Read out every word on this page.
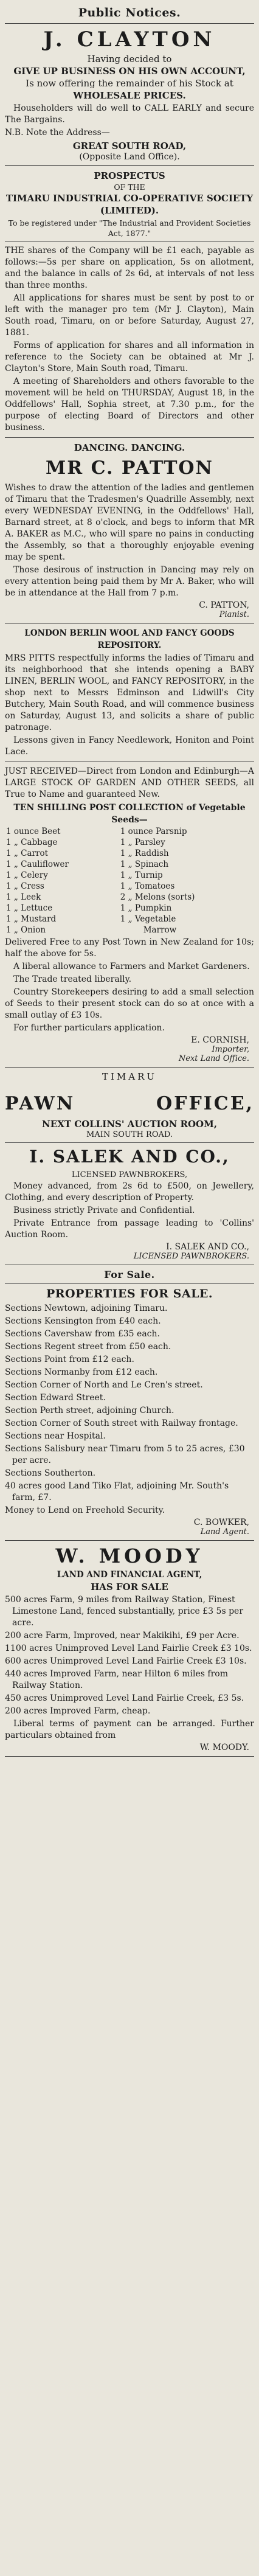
Public Notices.
J. CLAYTON
Having decided to
GIVE UP BUSINESS ON HIS OWN ACCOUNT,
Is now offering the remainder of his Stock at
WHOLESALE PRICES.

Householders will do well to CALL EARLY and secure The Bargains.

N.B. Note the Address—

GREAT SOUTH ROAD,
(Opposite Land Office).
PROSPECTUS
OF THE
TIMARU INDUSTRIAL CO-OPERATIVE SOCIETY (LIMITED).

To be registered under "The Industrial and Provident Societies Act, 1877."

THE shares of the Company will be £1 each, payable as follows:—5s per share on application, 5s on allotment, and the balance in calls of 2s 6d, at intervals of not less than three months.

All applications for shares must be sent by post to or left with the manager pro tem (Mr J. Clayton), Main South road, Timaru, on or before Saturday, August 27, 1881.

Forms of application for shares and all information in reference to the Society can be obtained at Mr J. Clayton's Store, Main South road, Timaru.

A meeting of Shareholders and others favorable to the movement will be held on THURSDAY, August 18, in the Oddfellows' Hall, Sophia street, at 7.30 p.m., for the purpose of electing Board of Directors and other business.

DANCING. DANCING.
MR C. PATTON

Wishes to draw the attention of the ladies and gentlemen of Timaru that the Tradesmen's Quadrille Assembly, next every WEDNESDAY EVENING, in the Oddfellows' Hall, Barnard street, at 8 o'clock, and begs to inform that MR A. BAKER as M.C., who will spare no pains in conducting the Assembly, so that a thoroughly enjoyable evening may be spent.

Those desirous of instruction in Dancing may rely on every attention being paid them by Mr A. Baker, who will be in attendance at the Hall from 7 p.m.

C. PATTON,
Pianist.
LONDON BERLIN WOOL AND FANCY GOODS REPOSITORY.

MRS PITTS respectfully informs the ladies of Timaru and its neighborhood that she intends opening a BABY LINEN, BERLIN WOOL, and FANCY REPOSITORY, in the shop next to Messrs Edminson and Lidwill's City Butchery, Main South Road, and will commence business on Saturday, August 13, and solicits a share of public patronage.

Lessons given in Fancy Needlework, Honiton and Point Lace.

JUST RECEIVED—Direct from London and Edinburgh—A LARGE STOCK OF GARDEN AND OTHER SEEDS, all True to Name and guaranteed New.

TEN SHILLING POST COLLECTION of Vegetable Seeds—
1 ounce Beet	1 ounce Parsnip
1 „ Cabbage	1 „ Parsley
1 „ Carrot	1 „ Raddish
1 „ Cauliflower	1 „ Spinach
1 „ Celery	1 „ Turnip
1 „ Cress	1 „ Tomatoes
1 „ Leek	2 „ Melons (sorts)
1 „ Lettuce	1 „ Pumpkin
1 „ Mustard	1 „ Vegetable
1 „ Onion	Marrow

Delivered Free to any Post Town in New Zealand for 10s; half the above for 5s.

A liberal allowance to Farmers and Market Gardeners.

The Trade treated liberally.

Country Storekeepers desiring to add a small selection of Seeds to their present stock can do so at once with a small outlay of £3 10s.

For further particulars application.

E. CORNISH,
Importer,
Next Land Office.
TIMARU
PAWN	OFFICE,
NEXT COLLINS' AUCTION ROOM,
MAIN SOUTH ROAD.
I. SALEK AND CO.,
LICENSED PAWNBROKERS,

Money advanced, from 2s 6d to £500, on Jewellery, Clothing, and every description of Property.

Business strictly Private and Confidential.

Private Entrance from passage leading to 'Collins' Auction Room.

I. SALEK AND CO.,
LICENSED PAWNBROKERS.
For Sale.
PROPERTIES FOR SALE.

Sections Newtown, adjoining Timaru.

Sections Kensington from £40 each.

Sections Cavershaw from £35 each.

Sections Regent street from £50 each.

Sections Point from £12 each.

Sections Normanby from £12 each.

Section Corner of North and Le Cren's street.

Section Edward Street.

Section Perth street, adjoining Church.

Section Corner of South street with Railway frontage.

Sections near Hospital.

Sections Salisbury near Timaru from 5 to 25 acres, £30 per acre.

Sections Southerton.

40 acres good Land Tiko Flat, adjoining Mr. South's farm, £7.

Money to Lend on Freehold Security.

C. BOWKER,
Land Agent.
W. MOODY
LAND AND FINANCIAL AGENT,
HAS FOR SALE

500 acres Farm, 9 miles from Railway Station, Finest Limestone Land, fenced substantially, price £3 5s per acre.

200 acre Farm, Improved, near Makikihi, £9 per Acre.

1100 acres Unimproved Level Land Fairlie Creek £3 10s.

600 acres Unimproved Level Land Fairlie Creek £3 10s.

440 acres Improved Farm, near Hilton 6 miles from Railway Station.

450 acres Unimproved Level Land Fairlie Creek, £3 5s.

200 acres Improved Farm, cheap.

Liberal terms of payment can be arranged. Further particulars obtained from

W. MOODY.
